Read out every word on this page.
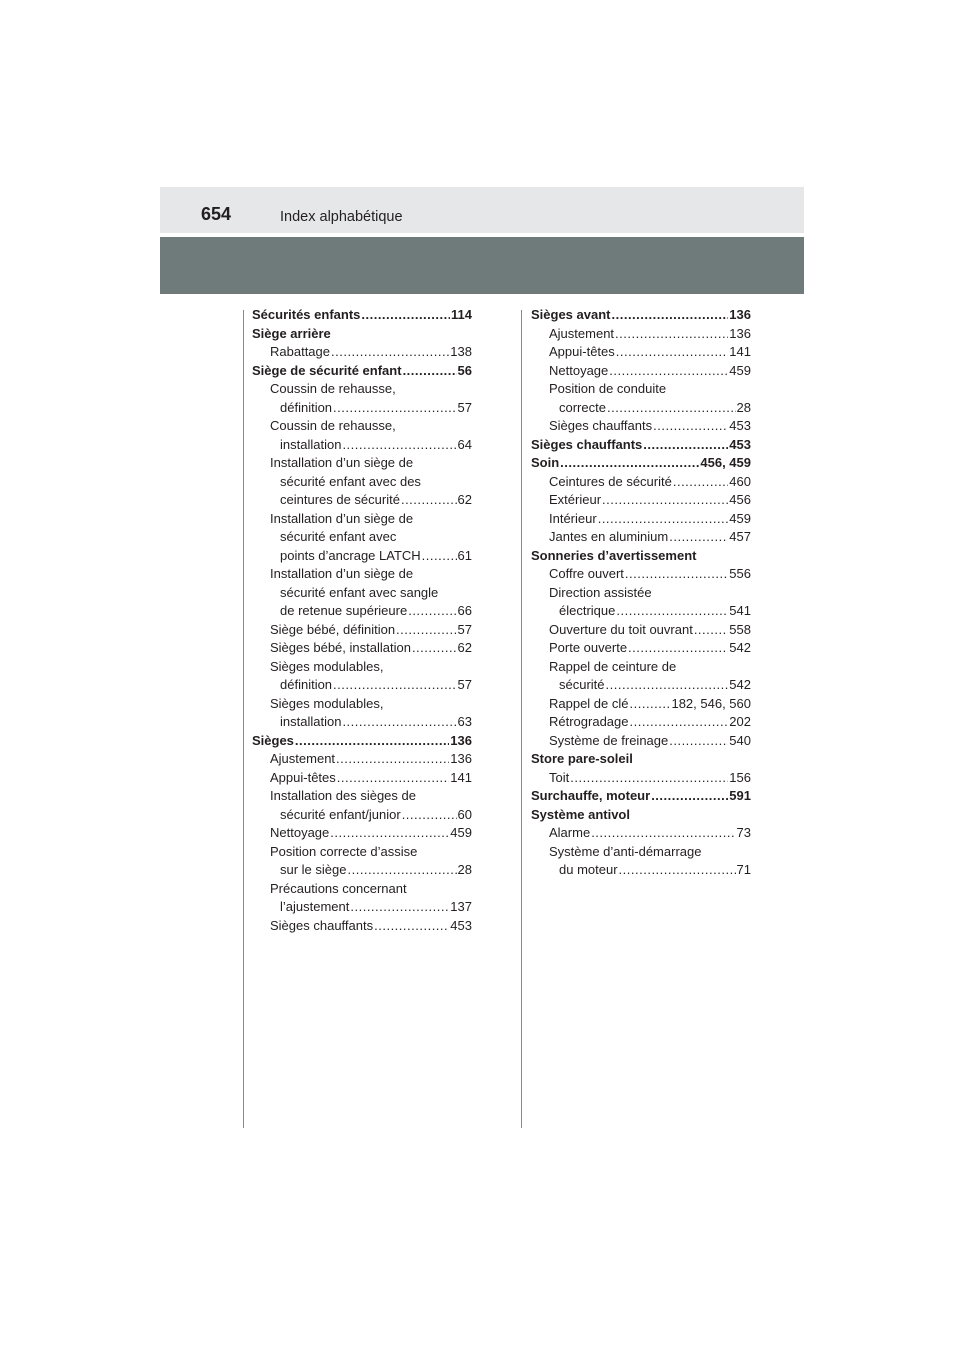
654	Index alphabétique
Sécurités enfants .....	114
Siège arrière
Rabattage .....	138
Siège de sécurité enfant .....	56
Coussin de rehausse,
définition .....	57
Coussin de rehausse,
installation .....	64
Installation d’un siège de
sécurité enfant avec des
ceintures de sécurité .....	62
Installation d’un siège de
sécurité enfant avec
points d’ancrage LATCH .....	61
Installation d’un siège de
sécurité enfant avec sangle
de retenue supérieure .....	66
Siège bébé, définition .....	57
Sièges bébé, installation .....	62
Sièges modulables,
définition .....	57
Sièges modulables,
installation .....	63
Sièges .....	136
Ajustement .....	136
Appui-têtes .....	141
Installation des sièges de
sécurité enfant/junior .....	60
Nettoyage .....	459
Position correcte d’assise
sur le siège .....	28
Précautions concernant
l’ajustement .....	137
Sièges chauffants .....	453
Sièges avant .....	136
Ajustement .....	136
Appui-têtes .....	141
Nettoyage .....	459
Position de conduite
correcte .....	28
Sièges chauffants .....	453
Sièges chauffants .....	453
Soin .....	456, 459
Ceintures de sécurité .....	460
Extérieur .....	456
Intérieur .....	459
Jantes en aluminium .....	457
Sonneries d’avertissement
Coffre ouvert .....	556
Direction assistée
électrique .....	541
Ouverture du toit ouvrant .....	558
Porte ouverte .....	542
Rappel de ceinture de
sécurité .....	542
Rappel de clé .....	182, 546, 560
Rétrogradage .....	202
Système de freinage .....	540
Store pare-soleil
Toit .....	156
Surchauffe, moteur .....	591
Système antivol
Alarme .....	73
Système d’anti-démarrage
du moteur .....	71
